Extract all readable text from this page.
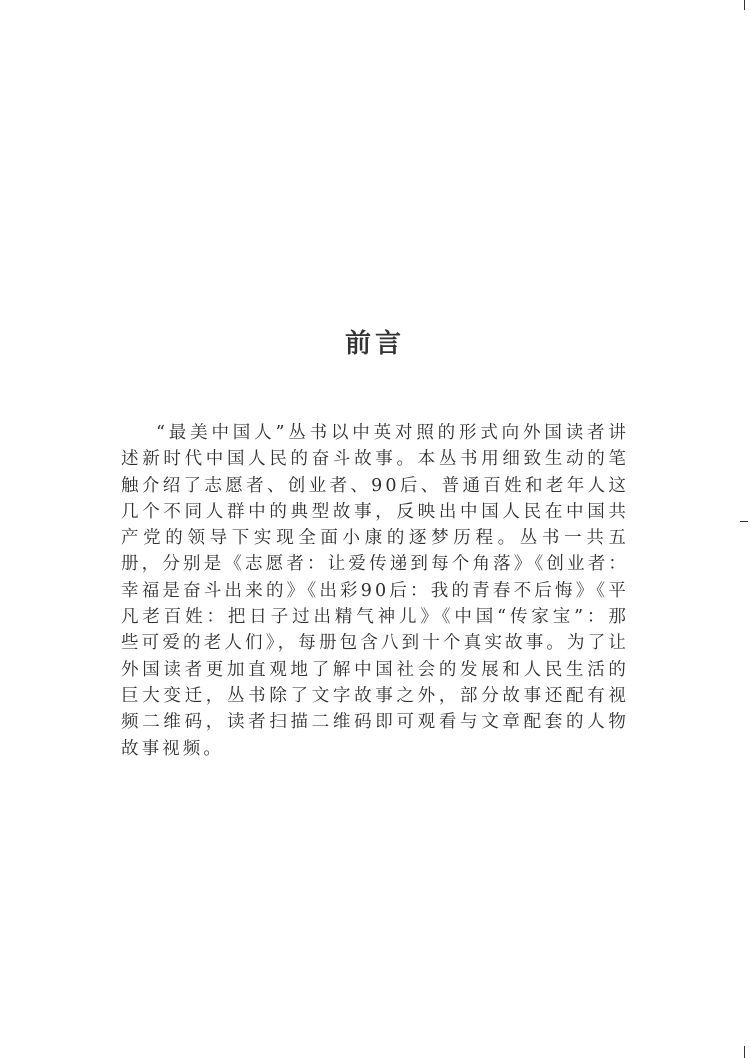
前言

“最美中国人”丛书以中英对照的形式向外国读者讲述新时代中国人民的奋斗故事。本丛书用细致生动的笔触介绍了志愿者、创业者、90后、普通百姓和老年人这几个不同人群中的典型故事，反映出中国人民在中国共产党的领导下实现全面小康的逐梦历程。丛书一共五册，分别是《志愿者：让爱传递到每个角落》《创业者：幸福是奋斗出来的》《出彩90后：我的青春不后悔》《平凡老百姓：把日子过出精气神儿》《中国“传家宝”：那些可爱的老人们》，每册包含八到十个真实故事。为了让外国读者更加直观地了解中国社会的发展和人民生活的巨大变迁，丛书除了文字故事之外，部分故事还配有视频二维码，读者扫描二维码即可观看与文章配套的人物故事视频。
